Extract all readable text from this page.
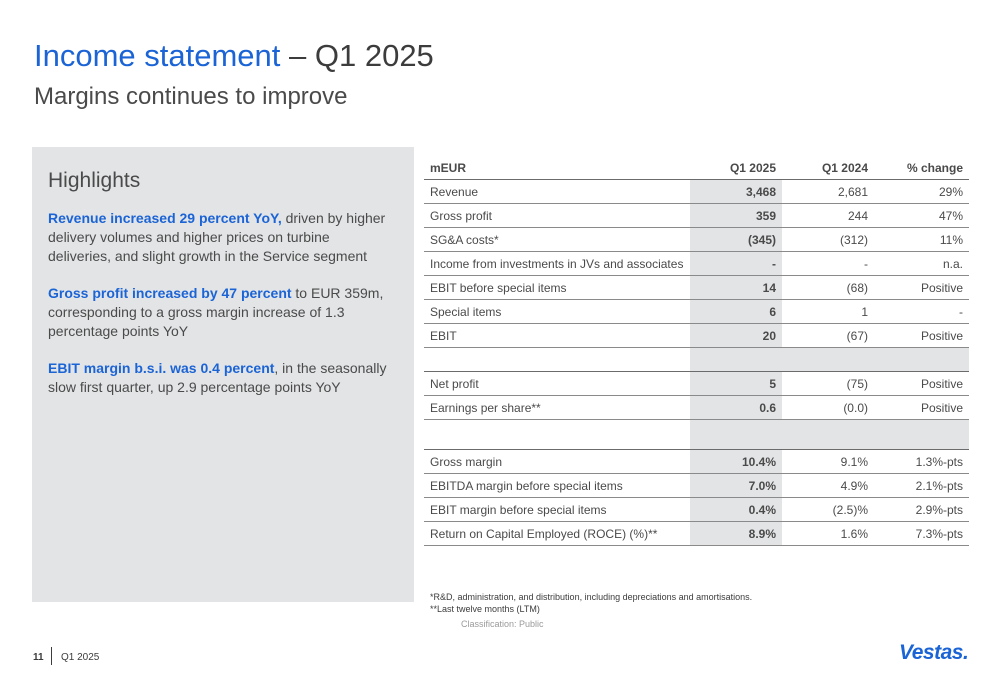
Income statement – Q1 2025
Margins continues to improve
Highlights

Revenue increased 29 percent YoY, driven by higher delivery volumes and higher prices on turbine deliveries, and slight growth in the Service segment

Gross profit increased by 47 percent to EUR 359m, corresponding to a gross margin increase of 1.3 percentage points YoY

EBIT margin b.s.i. was 0.4 percent, in the seasonally slow first quarter, up 2.9 percentage points YoY

mEUR	Q1 2025	Q1 2024	% change
Revenue	3,468	2,681	29%
Gross profit	359	244	47%
SG&A costs*	(345)	(312)	11%
Income from investments in JVs and associates	-	-	n.a.
EBIT before special items	14	(68)	Positive
Special items	6	1	-
EBIT	20	(67)	Positive

Net profit	5	(75)	Positive
Earnings per share**	0.6	(0.0)	Positive

Gross margin	10.4%	9.1%	1.3%-pts
EBITDA margin before special items	7.0%	4.9%	2.1%-pts
EBIT margin before special items	0.4%	(2.5)%	2.9%-pts
Return on Capital Employed (ROCE) (%)**	8.9%	1.6%	7.3%-pts
*R&D, administration, and distribution, including depreciations and amortisations.
**Last twelve months (LTM)
Classification: Public
11 Q1 2025	Vestas.
